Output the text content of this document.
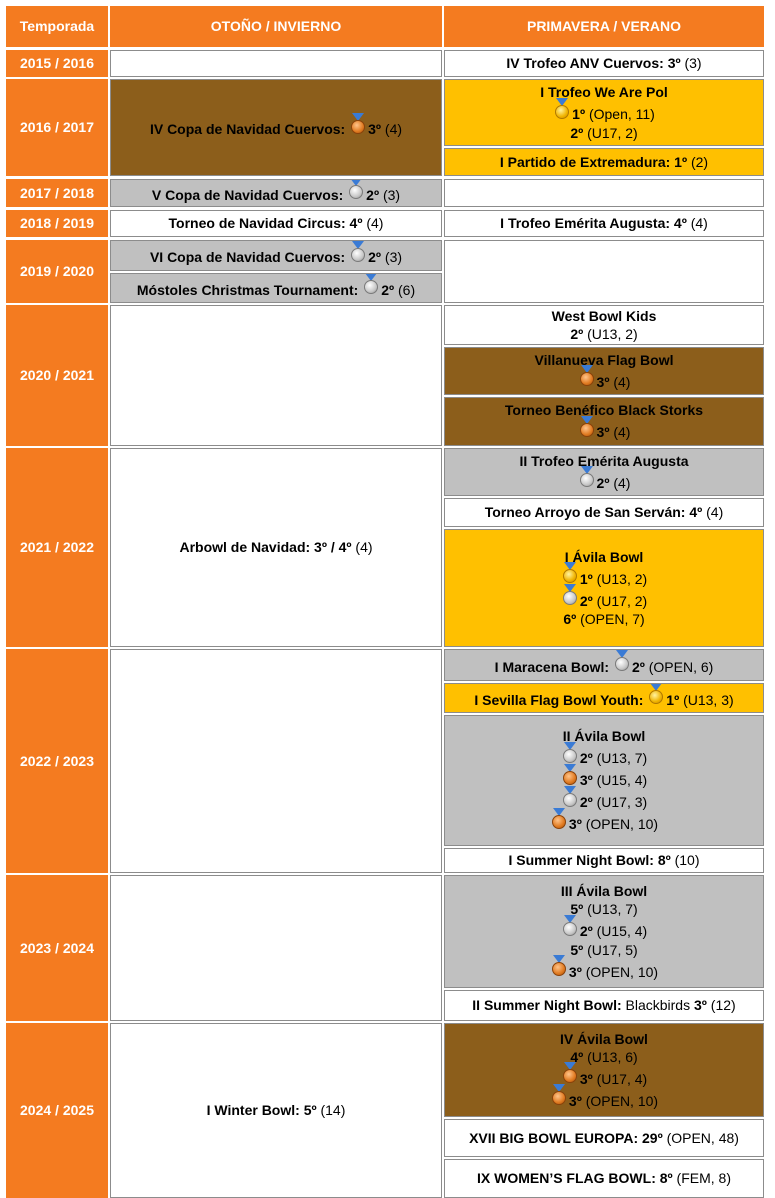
Temporada	OTOÑO / INVIERNO	PRIMAVERA / VERANO
2015 / 2016
2016 / 2017
2017 / 2018
2018 / 2019
2019 / 2020
2020 / 2021
2021 / 2022
2022 / 2023
2023 / 2024
2024 / 2025
IV Copa de Navidad Cuervos:
3º
(4)
V Copa de Navidad Cuervos:
2º
(3)
Torneo de Navidad Circus:
4º
(4)
VI Copa de Navidad Cuervos:
2º
(3)
Móstoles Christmas Tournament:
2º
(6)
Arbowl de Navidad:
3º / 4º
(4)
I Winter Bowl:
5º
(14)
IV Trofeo ANV Cuervos:
3º
(3)
I Trofeo We Are Pol
1º
(Open, 11)
2º
(U17, 2)
I Partido de Extremadura:
1º
(2)
I Trofeo Emérita Augusta:
4º
(4)
West Bowl Kids
2º
(U13, 2)
Villanueva Flag Bowl
3º
(4)
Torneo Benéfico Black Storks
3º
(4)
II Trofeo Emérita Augusta
2º
(4)
Torneo Arroyo de San Serván:
4º
(4)
I Ávila Bowl
1º
(U13, 2)
2º
(U17, 2)
6º
(OPEN, 7)
I Maracena Bowl:
2º
(OPEN, 6)
I Sevilla Flag Bowl Youth:
1º
(U13, 3)
II Ávila Bowl
2º
(U13, 7)
3º
(U15, 4)
2º
(U17, 3)
3º
(OPEN, 10)
I Summer Night Bowl:
8º
(10)
III Ávila Bowl
5º
(U13, 7)
2º
(U15, 4)
5º
(U17, 5)
3º
(OPEN, 10)
II Summer Night Bowl:
Blackbirds
3º
(12)
IV Ávila Bowl
4º
(U13, 6)
3º
(U17, 4)
3º
(OPEN, 10)
XVII BIG BOWL EUROPA:
29º
(OPEN, 48)
IX WOMEN’S FLAG BOWL:
8º
(FEM, 8)
